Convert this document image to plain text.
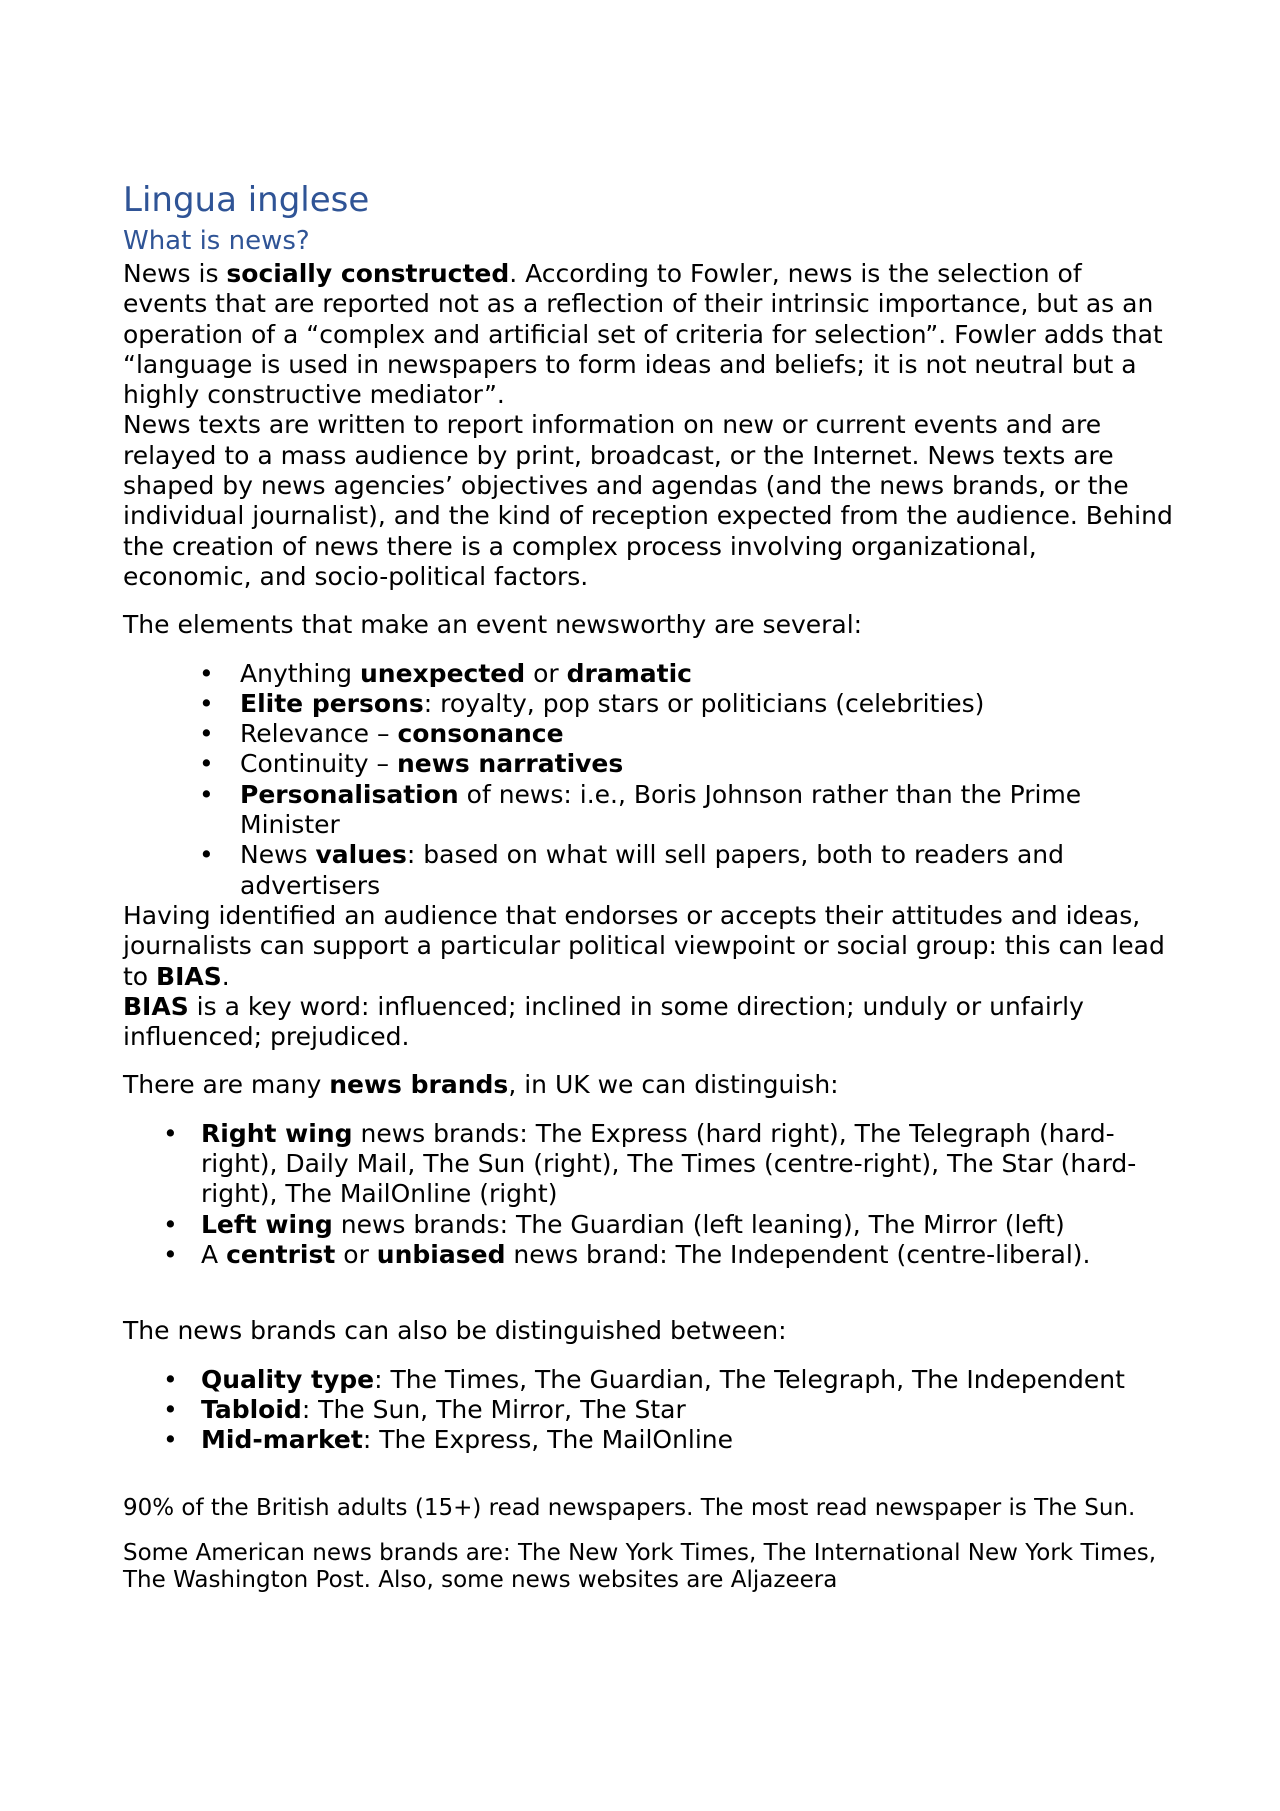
Lingua inglese
What is news?

News is socially constructed. According to Fowler, news is the selection of events that are reported not as a reflection of their intrinsic importance, but as an operation of a “complex and artificial set of criteria for selection”. Fowler adds that “language is used in newspapers to form ideas and beliefs; it is not neutral but a highly constructive mediator”.

News texts are written to report information on new or current events and are relayed to a mass audience by print, broadcast, or the Internet. News texts are shaped by news agencies’ objectives and agendas (and the news brands, or the individual journalist), and the kind of reception expected from the audience. Behind the creation of news there is a complex process involving organizational, economic, and socio-political factors.

The elements that make an event newsworthy are several:

• Anything unexpected or dramatic
• Elite persons: royalty, pop stars or politicians (celebrities)
• Relevance – consonance
• Continuity – news narratives
• Personalisation of news: i.e., Boris Johnson rather than the Prime Minister
• News values: based on what will sell papers, both to readers and advertisers

Having identified an audience that endorses or accepts their attitudes and ideas, journalists can support a particular political viewpoint or social group: this can lead to BIAS.

BIAS is a key word: influenced; inclined in some direction; unduly or unfairly influenced; prejudiced.

There are many news brands, in UK we can distinguish:

• Right wing news brands: The Express (hard right), The Telegraph (hard-right), Daily Mail, The Sun (right), The Times (centre-right), The Star (hard-right), The MailOnline (right)
• Left wing news brands: The Guardian (left leaning), The Mirror (left)
• A centrist or unbiased news brand: The Independent (centre-liberal).

The news brands can also be distinguished between:

• Quality type: The Times, The Guardian, The Telegraph, The Independent
• Tabloid: The Sun, The Mirror, The Star
• Mid-market: The Express, The MailOnline

90% of the British adults (15+) read newspapers. The most read newspaper is The Sun.

Some American news brands are: The New York Times, The International New York Times, The Washington Post. Also, some news websites are Aljazeera
